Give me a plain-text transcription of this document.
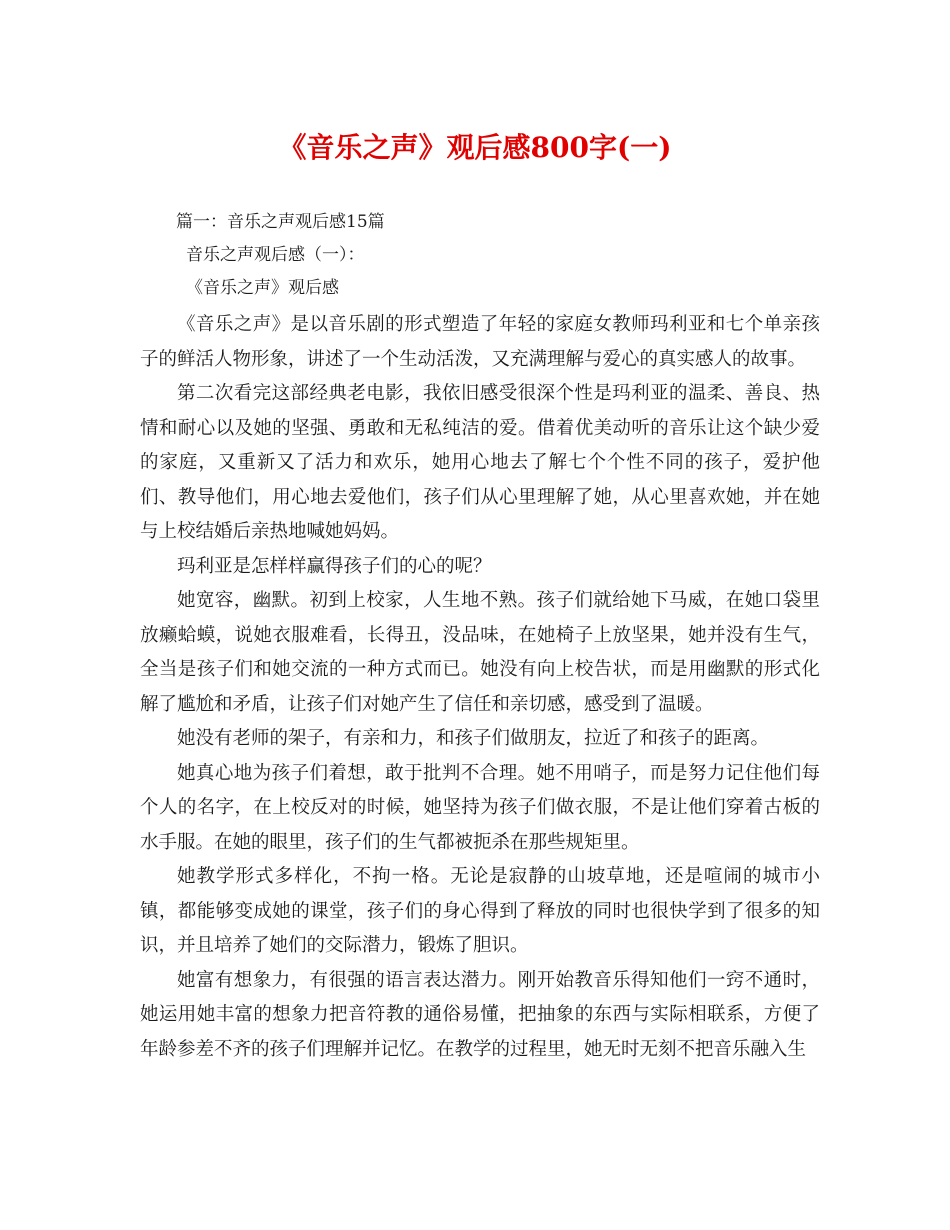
《音乐之声》观后感800字(一)

篇一：音乐之声观后感15篇

音乐之声观后感（一）：

《音乐之声》观后感

《音乐之声》是以音乐剧的形式塑造了年轻的家庭女教师玛利亚和七个单亲孩子的鲜活人物形象，讲述了一个生动活泼，又充满理解与爱心的真实感人的故事。

第二次看完这部经典老电影，我依旧感受很深个性是玛利亚的温柔、善良、热情和耐心以及她的坚强、勇敢和无私纯洁的爱。借着优美动听的音乐让这个缺少爱的家庭，又重新又了活力和欢乐，她用心地去了解七个个性不同的孩子，爱护他们、教导他们，用心地去爱他们，孩子们从心里理解了她，从心里喜欢她，并在她与上校结婚后亲热地喊她妈妈。

玛利亚是怎样样赢得孩子们的心的呢？

她宽容，幽默。初到上校家，人生地不熟。孩子们就给她下马威，在她口袋里放癞蛤蟆，说她衣服难看，长得丑，没品味，在她椅子上放坚果，她并没有生气，全当是孩子们和她交流的一种方式而已。她没有向上校告状，而是用幽默的形式化解了尴尬和矛盾，让孩子们对她产生了信任和亲切感，感受到了温暖。

她没有老师的架子，有亲和力，和孩子们做朋友，拉近了和孩子的距离。

她真心地为孩子们着想，敢于批判不合理。她不用哨子，而是努力记住他们每个人的名字，在上校反对的时候，她坚持为孩子们做衣服，不是让他们穿着古板的水手服。在她的眼里，孩子们的生气都被扼杀在那些规矩里。

她教学形式多样化，不拘一格。无论是寂静的山坡草地，还是喧闹的城市小镇，都能够变成她的课堂，孩子们的身心得到了释放的同时也很快学到了很多的知识，并且培养了她们的交际潜力，锻炼了胆识。

她富有想象力，有很强的语言表达潜力。刚开始教音乐得知他们一窍不通时，她运用她丰富的想象力把音符教的通俗易懂，把抽象的东西与实际相联系，方便了年龄参差不齐的孩子们理解并记忆。在教学的过程里，她无时无刻不把音乐融入生
